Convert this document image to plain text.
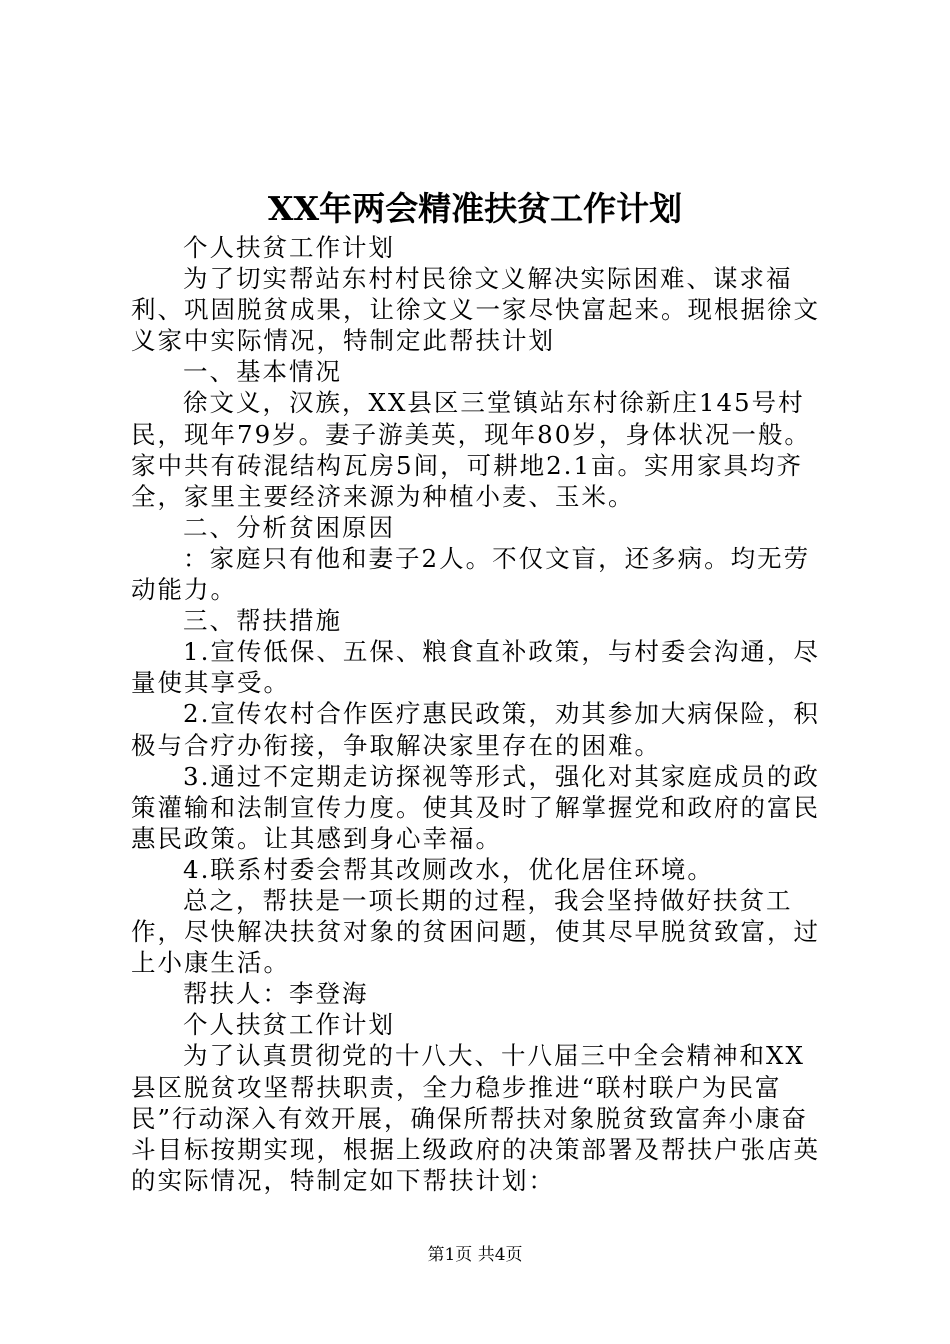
XX年两会精准扶贫工作计划

个人扶贫工作计划

为了切实帮站东村村民徐文义解决实际困难、谋求福利、巩固脱贫成果，让徐文义一家尽快富起来。现根据徐文义家中实际情况，特制定此帮扶计划

一、基本情况

徐文义，汉族，XX县区三堂镇站东村徐新庄145号村民，现年79岁。妻子游美英，现年80岁，身体状况一般。家中共有砖混结构瓦房5间，可耕地2.1亩。实用家具均齐全，家里主要经济来源为种植小麦、玉米。

二、分析贫困原因

：家庭只有他和妻子2人。不仅文盲，还多病。均无劳动能力。

三、帮扶措施

1.宣传低保、五保、粮食直补政策，与村委会沟通，尽量使其享受。

2.宣传农村合作医疗惠民政策，劝其参加大病保险，积极与合疗办衔接，争取解决家里存在的困难。

3.通过不定期走访探视等形式，强化对其家庭成员的政策灌输和法制宣传力度。使其及时了解掌握党和政府的富民惠民政策。让其感到身心幸福。

4.联系村委会帮其改厕改水，优化居住环境。

总之，帮扶是一项长期的过程，我会坚持做好扶贫工作，尽快解决扶贫对象的贫困问题，使其尽早脱贫致富，过上小康生活。

帮扶人：李登海

个人扶贫工作计划

为了认真贯彻党的十八大、十八届三中全会精神和XX县区脱贫攻坚帮扶职责，全力稳步推进“联村联户为民富民”行动深入有效开展，确保所帮扶对象脱贫致富奔小康奋斗目标按期实现，根据上级政府的决策部署及帮扶户张店英的实际情况，特制定如下帮扶计划：

第1页 共4页
